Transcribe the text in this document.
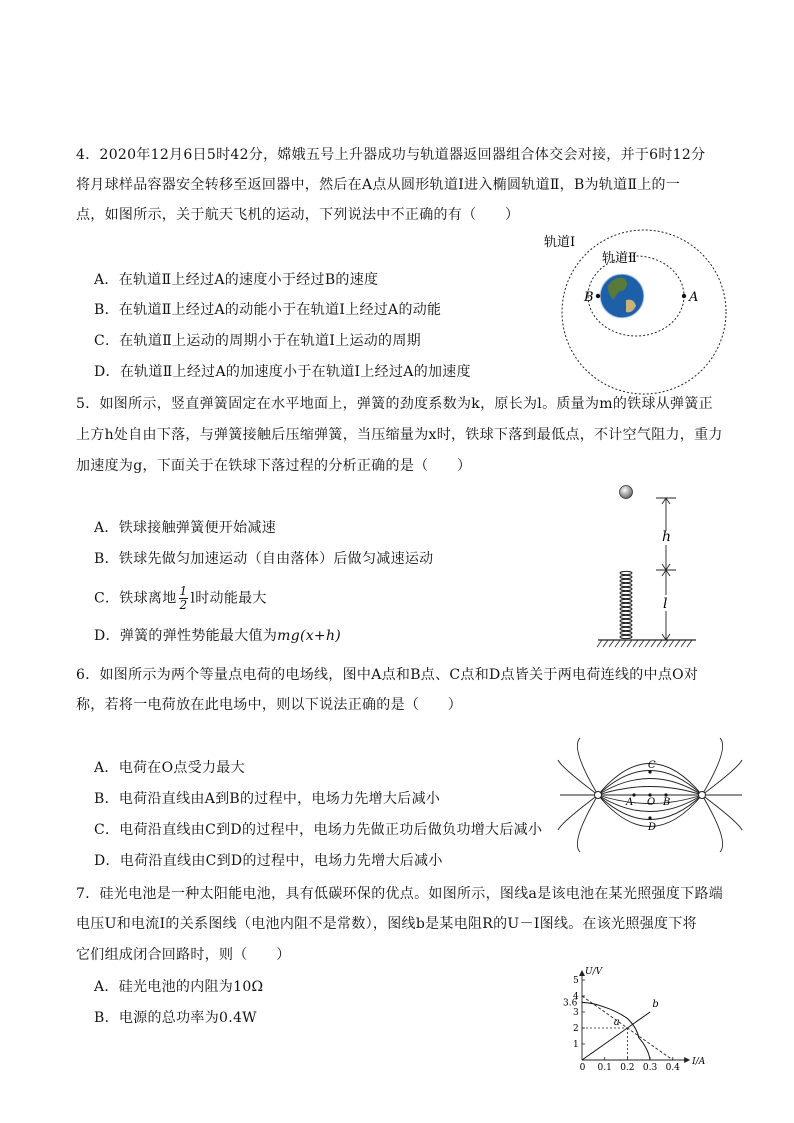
4．2020年12月6日5时42分，嫦娥五号上升器成功与轨道器返回器组合体交会对接，并于6时12分
将月球样品容器安全转移至返回器中，然后在A点从圆形轨道Ⅰ进入椭圆轨道Ⅱ，B为轨道Ⅱ上的一
点，如图所示，关于航天飞机的运动，下列说法中不正确的有（　　）
A．在轨道Ⅱ上经过A的速度小于经过B的速度
B．在轨道Ⅱ上经过A的动能小于在轨道Ⅰ上经过A的动能
C．在轨道Ⅱ上运动的周期小于在轨道Ⅰ上运动的周期
D．在轨道Ⅱ上经过A的加速度小于在轨道Ⅰ上经过A的加速度
轨道Ⅰ
轨道Ⅱ
B	A
5．如图所示，竖直弹簧固定在水平地面上，弹簧的劲度系数为k，原长为l。质量为m的铁球从弹簧正
上方h处自由下落，与弹簧接触后压缩弹簧，当压缩量为x时，铁球下落到最低点，不计空气阻力，重力
加速度为g，下面关于在铁球下落过程的分析正确的是（　　）
A．铁球接触弹簧便开始减速
B．铁球先做匀加速运动（自由落体）后做匀减速运动
C．铁球离地 $\frac{1}{2}$ l时动能最大
D．弹簧的弹性势能最大值为mg(x+h)
h
l
6．如图所示为两个等量点电荷的电场线，图中A点和B点、C点和D点皆关于两电荷连线的中点O对
称，若将一电荷放在此电场中，则以下说法正确的是（　　）
A．电荷在O点受力最大
B．电荷沿直线由A到B的过程中，电场力先增大后减小
C．电荷沿直线由C到D的过程中，电场力先做正功后做负功增大后减小
D．电荷沿直线由C到D的过程中，电场力先增大后减小
A O B
C
D
7．硅光电池是一种太阳能电池，具有低碳环保的优点。如图所示，图线a是该电池在某光照强度下路端
电压U和电流I的关系图线（电池内阻不是常数），图线b是某电阻R的U－I图线。在该光照强度下将
它们组成闭合回路时，则（　　）
A．硅光电池的内阻为10Ω
B．电源的总功率为0.4W
0 0.1 0.2 0.3 0.4
1
2
3
3.6
4
5
I/A
U/V
a
b
